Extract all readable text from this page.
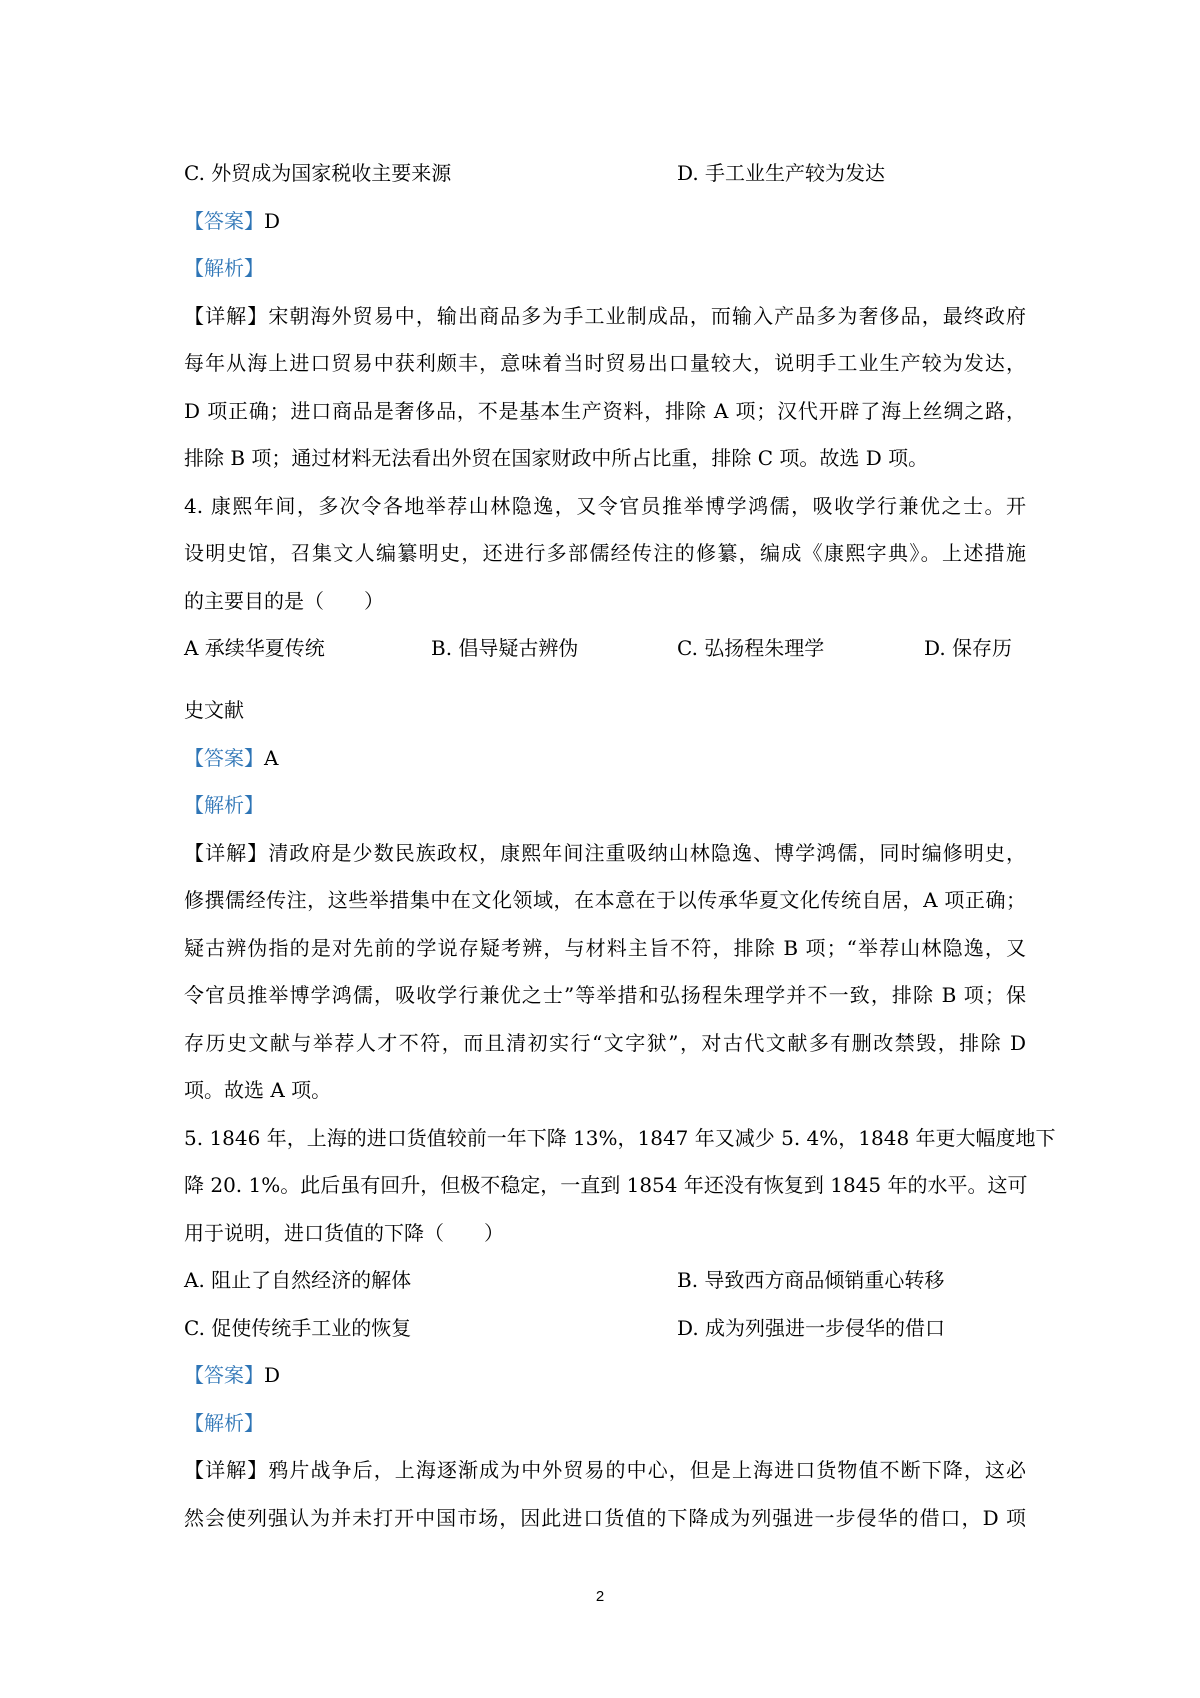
C. 外贸成为国家税收主要来源	D. 手工业生产较为发达
【答案】D
【解析】
【详解】宋朝海外贸易中，输出商品多为手工业制成品，而输入产品多为奢侈品，最终政府
每年从海上进口贸易中获利颇丰，意味着当时贸易出口量较大，说明手工业生产较为发达，
D 项正确；进口商品是奢侈品，不是基本生产资料，排除 A 项；汉代开辟了海上丝绸之路，
排除 B 项；通过材料无法看出外贸在国家财政中所占比重，排除 C 项。故选 D 项。
4. 康熙年间，多次令各地举荐山林隐逸，又令官员推举博学鸿儒，吸收学行兼优之士。开
设明史馆，召集文人编纂明史，还进行多部儒经传注的修纂，编成《康熙字典》。上述措施
的主要目的是（　　）
A 承续华夏传统	B. 倡导疑古辨伪	C. 弘扬程朱理学	D. 保存历
史文献
【答案】A
【解析】
【详解】清政府是少数民族政权，康熙年间注重吸纳山林隐逸、博学鸿儒，同时编修明史，
修撰儒经传注，这些举措集中在文化领域，在本意在于以传承华夏文化传统自居，A 项正确；
疑古辨伪指的是对先前的学说存疑考辨，与材料主旨不符，排除 B 项；“举荐山林隐逸，又
令官员推举博学鸿儒，吸收学行兼优之士”等举措和弘扬程朱理学并不一致，排除 B 项；保
存历史文献与举荐人才不符，而且清初实行“文字狱”，对古代文献多有删改禁毁，排除 D
项。故选 A 项。
5. 1846 年，上海的进口货值较前一年下降 13%，1847 年又减少 5. 4%，1848 年更大幅度地下
降 20. 1%。此后虽有回升，但极不稳定，一直到 1854 年还没有恢复到 1845 年的水平。这可
用于说明，进口货值的下降（　　）
A. 阻止了自然经济的解体	B. 导致西方商品倾销重心转移
C. 促使传统手工业的恢复	D. 成为列强进一步侵华的借口
【答案】D
【解析】
【详解】鸦片战争后，上海逐渐成为中外贸易的中心，但是上海进口货物值不断下降，这必
然会使列强认为并未打开中国市场，因此进口货值的下降成为列强进一步侵华的借口，D 项
2
